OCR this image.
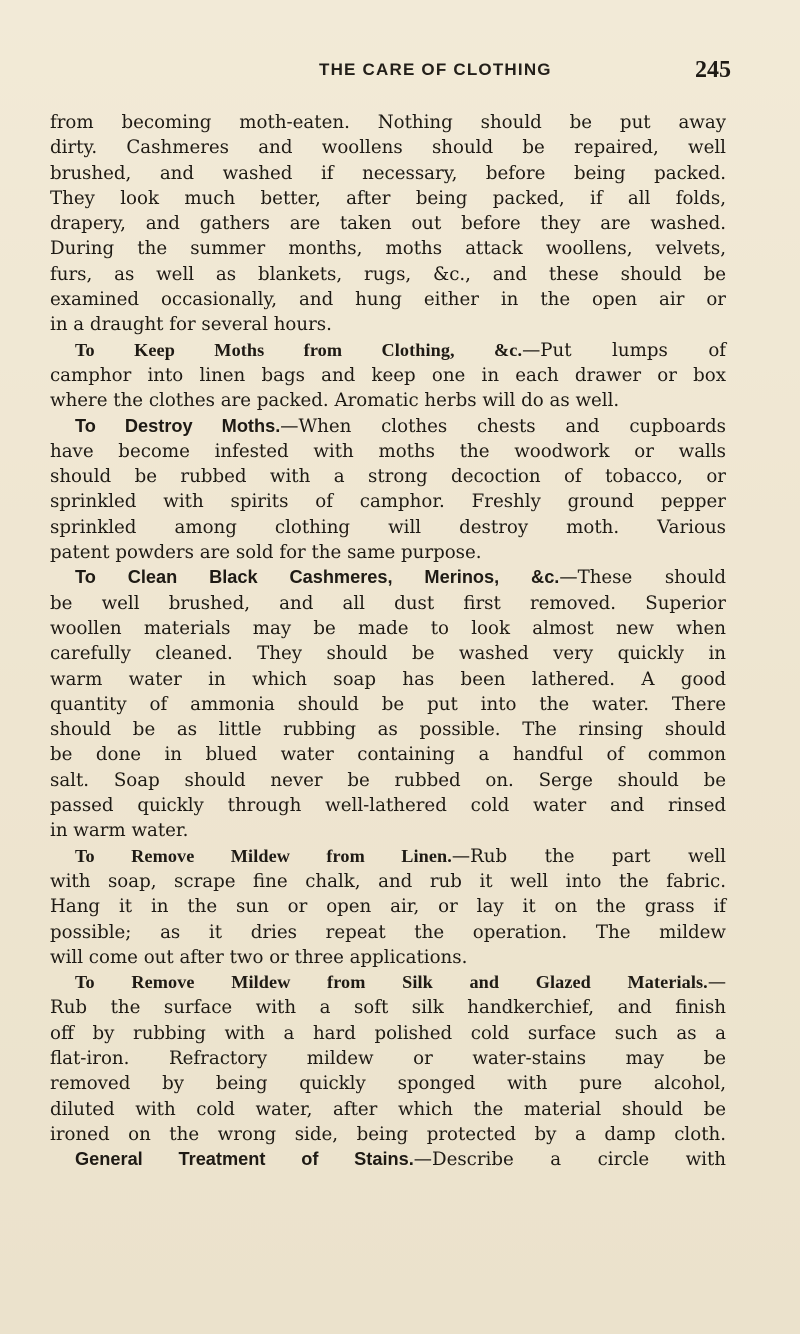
THE CARE OF CLOTHING	245
from becoming moth-eaten. Nothing should be put away
dirty. Cashmeres and woollens should be repaired, well
brushed, and washed if necessary, before being packed.
They look much better, after being packed, if all folds,
drapery, and gathers are taken out before they are washed.
During the summer months, moths attack woollens, velvets,
furs, as well as blankets, rugs, &c., and these should be
examined occasionally, and hung either in the open air or
in a draught for several hours.
To Keep Moths from Clothing, &c.—Put lumps of
camphor into linen bags and keep one in each drawer or box
where the clothes are packed. Aromatic herbs will do as well.
To Destroy Moths.—When clothes chests and cupboards
have become infested with moths the woodwork or walls
should be rubbed with a strong decoction of tobacco, or
sprinkled with spirits of camphor. Freshly ground pepper
sprinkled among clothing will destroy moth. Various
patent powders are sold for the same purpose.
To Clean Black Cashmeres, Merinos, &c.—These should
be well brushed, and all dust first removed. Superior
woollen materials may be made to look almost new when
carefully cleaned. They should be washed very quickly in
warm water in which soap has been lathered. A good
quantity of ammonia should be put into the water. There
should be as little rubbing as possible. The rinsing should
be done in blued water containing a handful of common
salt. Soap should never be rubbed on. Serge should be
passed quickly through well-lathered cold water and rinsed
in warm water.
To Remove Mildew from Linen.—Rub the part well
with soap, scrape fine chalk, and rub it well into the fabric.
Hang it in the sun or open air, or lay it on the grass if
possible; as it dries repeat the operation. The mildew
will come out after two or three applications.
To Remove Mildew from Silk and Glazed Materials.—
Rub the surface with a soft silk handkerchief, and finish
off by rubbing with a hard polished cold surface such as a
flat-iron. Refractory mildew or water-stains may be
removed by being quickly sponged with pure alcohol,
diluted with cold water, after which the material should be
ironed on the wrong side, being protected by a damp cloth.
General Treatment of Stains.—Describe a circle with
